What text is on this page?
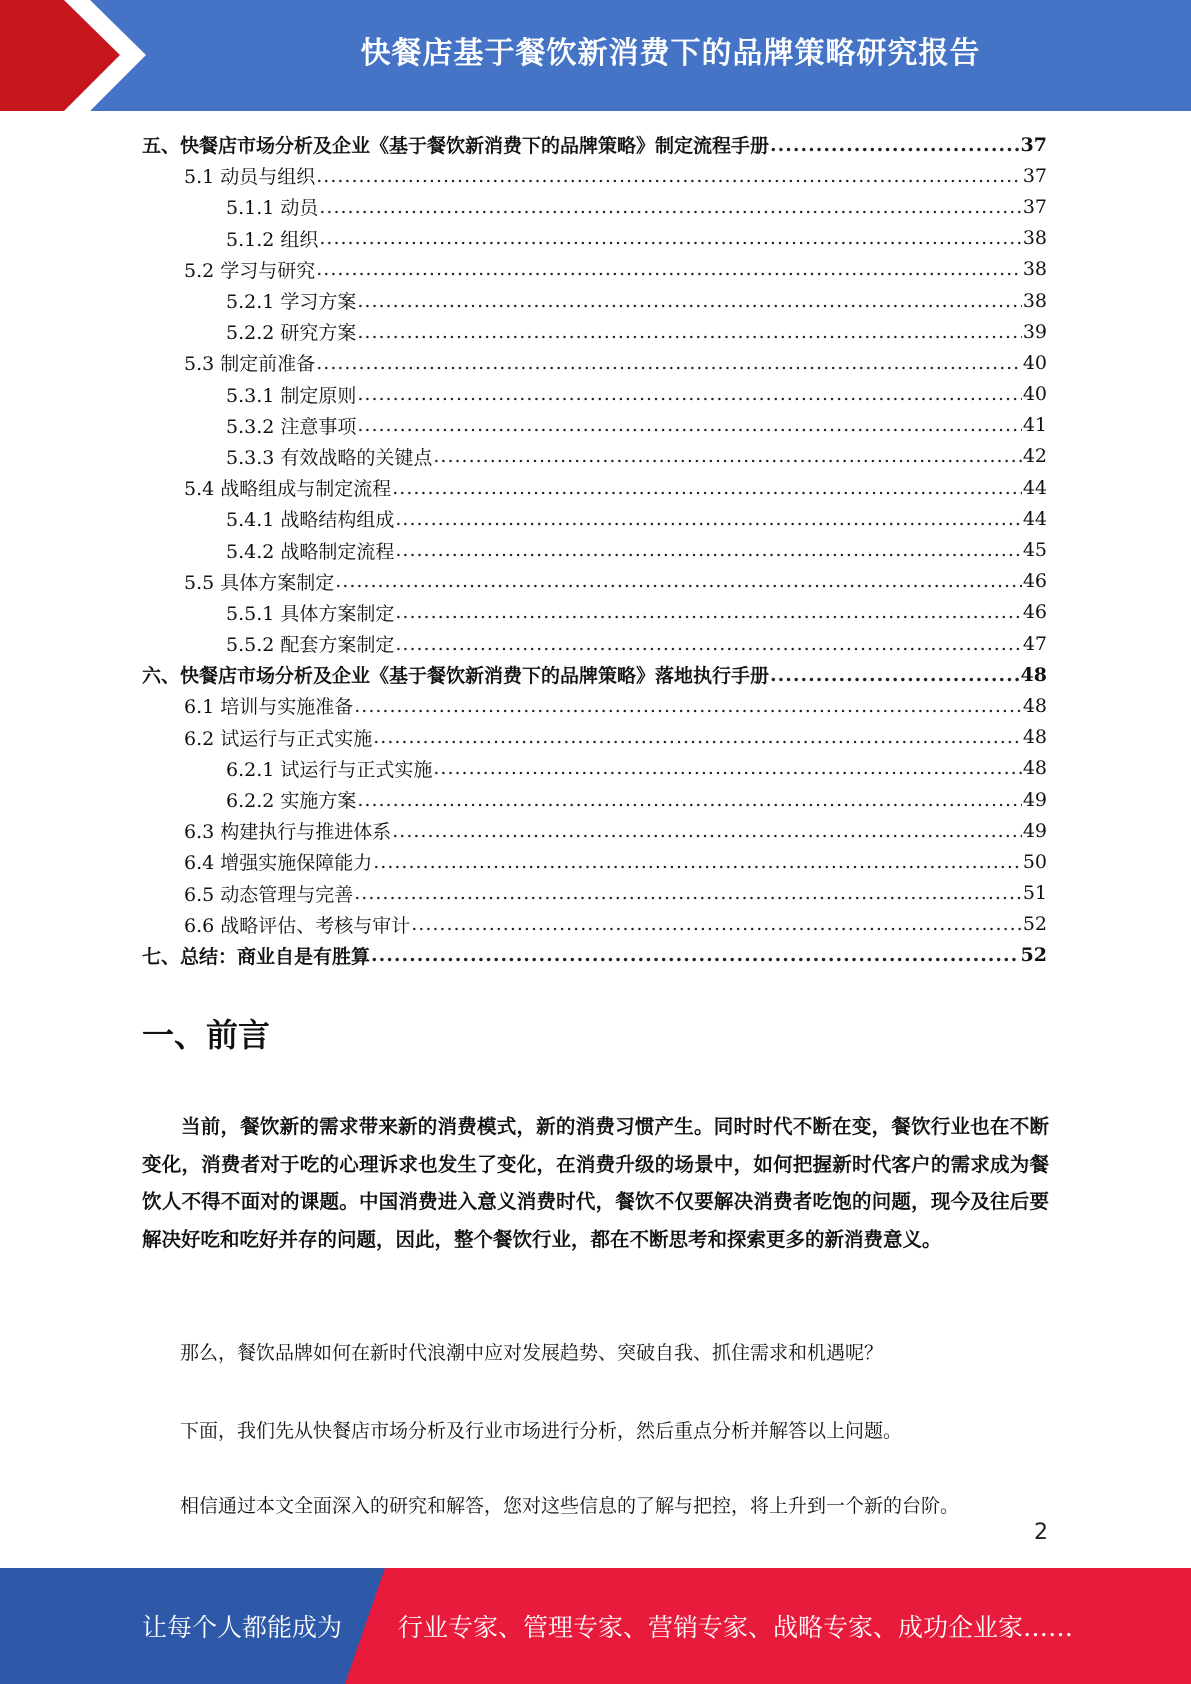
快餐店基于餐饮新消费下的品牌策略研究报告
五、快餐店市场分析及企业《基于餐饮新消费下的品牌策略》制定流程手册 .....	37
5.1 动员与组织 .....	37
5.1.1 动员 .....	37
5.1.2 组织 .....	38
5.2 学习与研究 .....	38
5.2.1 学习方案 .....	38
5.2.2 研究方案 .....	39
5.3 制定前准备 .....	40
5.3.1 制定原则 .....	40
5.3.2 注意事项 .....	41
5.3.3 有效战略的关键点 .....	42
5.4 战略组成与制定流程 .....	44
5.4.1 战略结构组成 .....	44
5.4.2 战略制定流程 .....	45
5.5 具体方案制定 .....	46
5.5.1 具体方案制定 .....	46
5.5.2 配套方案制定 .....	47
六、快餐店市场分析及企业《基于餐饮新消费下的品牌策略》落地执行手册 .....	48
6.1 培训与实施准备 .....	48
6.2 试运行与正式实施 .....	48
6.2.1 试运行与正式实施 .....	48
6.2.2 实施方案 .....	49
6.3 构建执行与推进体系 .....	49
6.4 增强实施保障能力 .....	50
6.5 动态管理与完善 .....	51
6.6 战略评估、考核与审计 .....	52
七、总结：商业自是有胜算 .....	52
一、前言

当前，餐饮新的需求带来新的消费模式，新的消费习惯产生。同时时代不断在变，餐饮行业也在不断变化，消费者对于吃的心理诉求也发生了变化，在消费升级的场景中，如何把握新时代客户的需求成为餐饮人不得不面对的课题。中国消费进入意义消费时代，餐饮不仅要解决消费者吃饱的问题，现今及往后要解决好吃和吃好并存的问题，因此，整个餐饮行业，都在不断思考和探索更多的新消费意义。

那么，餐饮品牌如何在新时代浪潮中应对发展趋势、突破自我、抓住需求和机遇呢？

下面，我们先从快餐店市场分析及行业市场进行分析，然后重点分析并解答以上问题。

相信通过本文全面深入的研究和解答，您对这些信息的了解与把控，将上升到一个新的台阶。

2
让每个人都能成为 行业专家、管理专家、营销专家、战略专家、成功企业家……
